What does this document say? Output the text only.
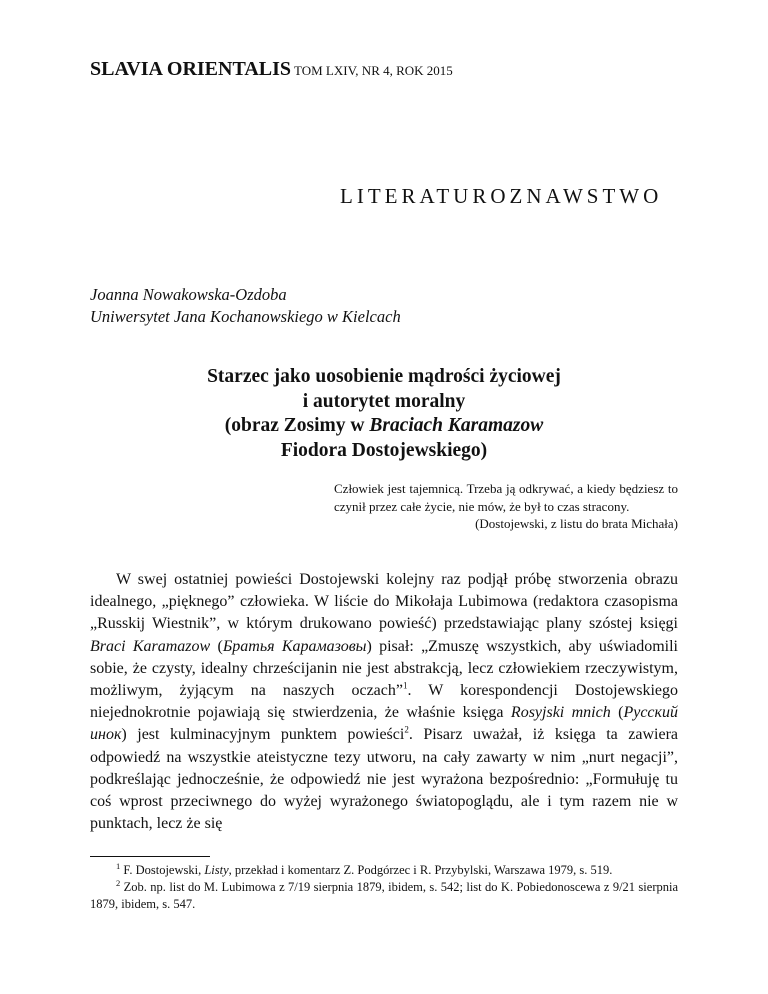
SLAVIA ORIENTALIS TOM LXIV, NR 4, ROK 2015
LITERATUROZNAWSTWO
Joanna Nowakowska-Ozdoba
Uniwersytet Jana Kochanowskiego w Kielcach
Starzec jako uosobienie mądrości życiowej
i autorytet moralny
(obraz Zosimy w Braciach Karamazow
Fiodora Dostojewskiego)
Człowiek jest tajemnicą. Trzeba ją odkrywać, a kiedy będziesz to czynił przez całe życie, nie mów, że był to czas stracony.
(Dostojewski, z listu do brata Michała)
W swej ostatniej powieści Dostojewski kolejny raz podjął próbę stworzenia obrazu idealnego, „pięknego” człowieka. W liście do Mikołaja Lubimowa (redaktora czasopisma „Russkij Wiestnik”, w którym drukowano powieść) przedstawiając plany szóstej księgi Braci Karamazow (Братья Карамазовы) pisał: „Zmuszę wszystkich, aby uświadomili sobie, że czysty, idealny chrześcijanin nie jest abstrakcją, lecz człowiekiem rzeczywistym, możliwym, żyjącym na naszych oczach”$^1$. W korespondencji Dostojewskiego niejednokrotnie pojawiają się stwierdzenia, że właśnie księga Rosyjski mnich (Русский инок) jest kulminacyjnym punktem powieści$^2$. Pisarz uważał, iż księga ta zawiera odpowiedź na wszystkie ateistyczne tezy utworu, na cały zawarty w nim „nurt negacji”, podkreślając jednocześnie, że odpowiedź nie jest wyrażona bezpośrednio: „Formułuję tu coś wprost przeciwnego do wyżej wyrażonego światopoglądu, ale i tym razem nie w punktach, lecz że się
$^1$ F. Dostojewski, Listy, przekład i komentarz Z. Podgórzec i R. Przybylski, Warszawa 1979, s. 519.
$^2$ Zob. np. list do M. Lubimowa z 7/19 sierpnia 1879, ibidem, s. 542; list do K. Pobiedonoscewa z 9/21 sierpnia 1879, ibidem, s. 547.
